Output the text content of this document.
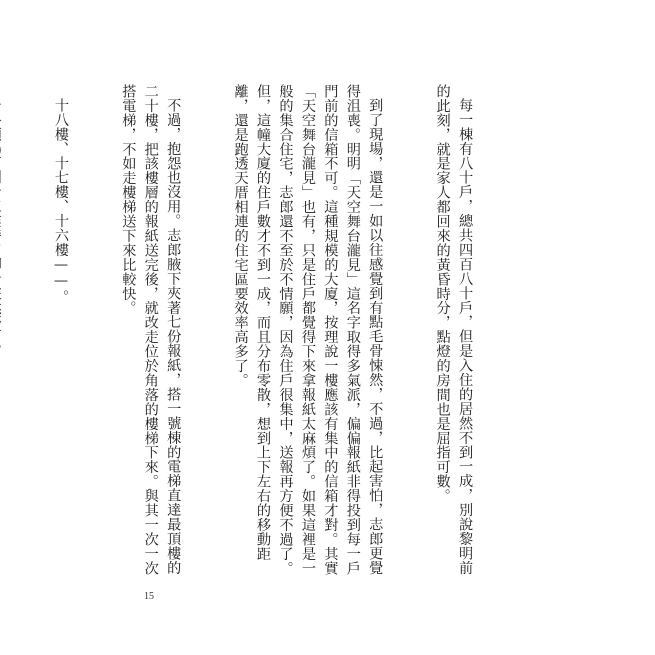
每一棟有八十戶，總共四百八十戶，但是入住的居然不到一成，別說黎明前的此刻，就是家人都回來的黃昏時分，點燈的房間也是屈指可數。

到了現場，還是一如以往感覺到有點毛骨悚然，不過，比起害怕，志郎更覺得沮喪。明明「天空舞台瀧見」這名字取得多氣派，偏偏報紙非得投到每一戶門前的信箱不可。這種規模的大廈，按理說一樓應該有集中的信箱才對。其實「天空舞台瀧見」也有，只是住戶都覺得下來拿報紙太麻煩了。如果這裡是一般的集合住宅，志郎還不至於不情願，因為住戶很集中，送報再方便不過了。但，這幢大廈的住戶數才不到一成，而且分布零散，想到上下左右的移動距離，還是跑透天厝相連的住宅區要效率高多了。

不過，抱怨也沒用。志郎腋下夾著七份報紙，搭一號棟的電梯直達最頂樓的二十樓，把該樓層的報紙送完後，就改走位於角落的樓梯下來。與其一次一次搭電梯，不如走樓梯送下來比較快。

十八樓、十七樓、十六樓——。

15
